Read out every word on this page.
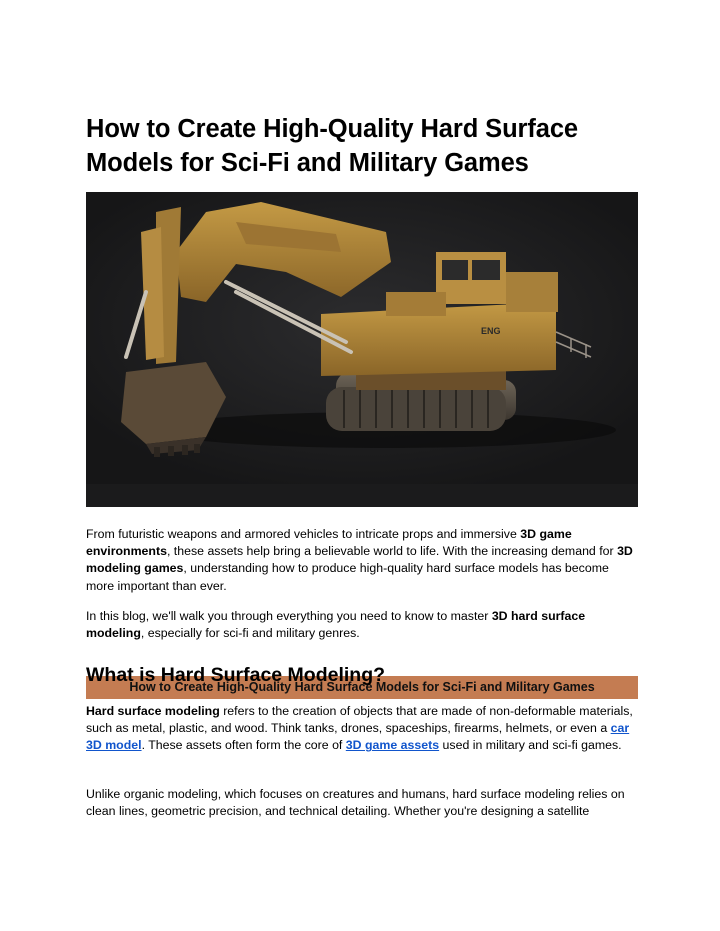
How to Create High-Quality Hard Surface Models for Sci-Fi and Military Games
ENG
How to Create High-Quality Hard Surface Models for Sci-Fi and Military Games

From futuristic weapons and armored vehicles to intricate props and immersive 3D game environments, these assets help bring a believable world to life. With the increasing demand for 3D modeling games, understanding how to produce high-quality hard surface models has become more important than ever.

In this blog, we'll walk you through everything you need to know to master 3D hard surface modeling, especially for sci-fi and military genres.

What is Hard Surface Modeling?

Hard surface modeling refers to the creation of objects that are made of non-deformable materials, such as metal, plastic, and wood. Think tanks, drones, spaceships, firearms, helmets, or even a car 3D model. These assets often form the core of 3D game assets used in military and sci-fi games.

Unlike organic modeling, which focuses on creatures and humans, hard surface modeling relies on clean lines, geometric precision, and technical detailing. Whether you're designing a satellite
